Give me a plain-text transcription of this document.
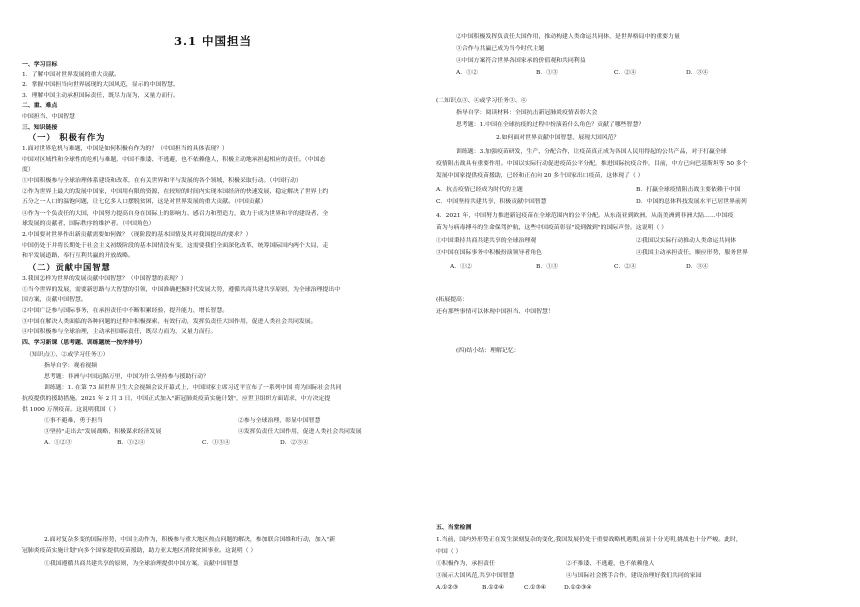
3.1 中国担当
一、学习目标
1．了解中国对世界发展的重大贡献。
2．掌握中国担当向世界展现的大国风范，显示的中国智慧。
3．理解中国主动承担国际责任，既尽力而为，又量力而行。
二、重、难点
中国担当、中国智慧
三、知识链接
（一） 积极有作为
1.面对世界危机与难题，中国是如何积极有作为的？（中国担当的具体表现？）
中国对区域性和全球性的危机与难题，中国不推诿、不逃避，也不依赖他人，积极主动地承担起相应的责任。（中国态
度）
①中国积极参与全球治理体系建设和改革，在有关世界和平与发展的各个领域，积极采取行动。（中国行动）
②作为世界上最大的发展中国家，中国用有限的资源，在较短的时间内实现本国经济的快速发展，稳定解决了世界上约
五分之一人口的温饱问题，让七亿多人口摆脱贫困，这是对世界发展的重大贡献。（中国贡献）
④作为一个负责任的大国，中国努力提高自身在国际上的影响力、感召力和塑造力，致力于成为世界和平的建设者、全
球发展的贡献者、国际秩序的维护者。（中国角色）
2.中国要对世界作出新贡献需要如何做？（现阶段的基本国情及其对我国提出的要求？）
中国仍处于并将长期处于社会主义初级阶段的基本国情没有变，这需要我们全面深化改革，统筹国际国内两个大局，走
和平发展道路，奉行互利共赢的开放战略。
（二）贡献中国智慧
3.我国怎样为世界的发展贡献中国智慧？（中国智慧的表现？）
①当今世界的发展，需要新思路与大智慧的引领，中国准确把握时代发展大势，遵循共商共建共享原则，为全球治理提出中
国方案，贡献中国智慧。
②中国广泛参与国际事务，在承担责任中不断积累经验，提升能力，增长智慧。
③中国在解决人类面临的各种问题的过程中积极探索、有效行动，发挥负责任大国作用，促进人类社会共同发展。
④中国积极参与全球治理，主动承担国际责任，既尽力而为，又量力而行。
四、学习新课（思考题、训练题统一按序排号）
（知识点①、②或学习任务①）
指导自学：观看视频
思考题：非洲与中国远隔万里，中国为什么坚持参与援助行动？
训练题：1. 在第 73 届世界卫生大会视频会议开幕式上，中国国家主席习近平宣布了一系列中国 将为国际社会共同
抗疫提供的援助措施。2021 年 2 月 3 日，中国正式加入"新冠肺炎疫苗实施计划"，应世卫组织方面请求，中方决定提
供 1000 万剂疫苗。这说明我国（ ）
①事不避难，勇于担当	②参与全球治理，彰显中国智慧
③坚持"走出去"发展战略，积极谋求经济发展	④发挥负责任大国作用，促进人类社会共同发展
A．①②③	B．①②④	C．①③④	D．②③④
2.面对复杂多变的国际形势，中国主动作为，积极参与重大地区热点问题的解决，参加联合国维和行动，加入"新
冠肺炎疫苗实施计划"向多个国家提供疫苗援助，助力亚太地区消除贫困事业。这说明（ ）
①我国遵循共商共建共享的原则，为全球治理提供中国方案，贡献中国智慧
②中国积极发挥负责任大国作用，推动构建人类命运共同体，是世界格局中的重要力量
③合作与共赢已成为当今时代主题
④中国方案符合世界各国家承的价值观和共同利益
A．①②	B．①③	C．②④	D．③④
(二知识点③、④或学习任务③、④
指导自学：阅读材料：全国抗击新冠肺炎疫情表彰大会
思考题：1.中国在全球抗疫的过程中扮演着什么角色？贡献了哪些智慧？
2.如何面对世界贡献中国智慧，展现大国风范？
训练题：3.加强疫苗研发，生产、分配合作，让疫苗真正成为各国人民用得起的公共产品，对于打赢全球
疫情阻击战具有重要作用。中国以实际行动促进疫苗公平分配，推进国际抗疫合作，目前，中方已向巴基斯坦等 50 多个
发展中国家提供疫苗援助，已经和正在向 20 多个国家出口疫苗，这体现了（ ）
A．抗击疫情已经成为时代的主题	B．打赢全球疫情阻击战主要依赖于中国
C．中国坚持共建共享，积极贡献中国智慧	D．中国的总体科技发展水平已居世界前列
4．2021 年，中国努力推进新冠疫苗在全球范围内的公平分配。从东南亚到欧洲，从南美洲到非洲大陆……中国疫
苗为与病毒搏斗的生命保驾护航，这些中国疫苗彰显"说到做到"的国际声誉。这说明（ ）
①中国秉持共商共建共享的全球治理观	②我国以实际行动推动人类命运共同体
③中国在国际事务中积极扮演领导者角色	④我国主动承担责任，顺应形势，服务世界
A．①②	B．①③	C．②④	D．③④
(拓展提高：
还有那些事情可以体现中国担当、中国智慧！
(四)结小结：理解记忆：
五、当堂检测
1.当前，国内外形势正在发生深刻复杂的变化,我国发展仍处于重要战略机遇期,前景十分光明,挑战也十分严峻。此时，
中国（ ）
①积极作为，承担责任	②不推诿、不逃避，也不依赖他人
③展示大国风范,共享中国智慧	④与国际社会携手合作，建设治理好我们共同的家园
A.①②③	B.①②④	C.①③④	D.①②③④
